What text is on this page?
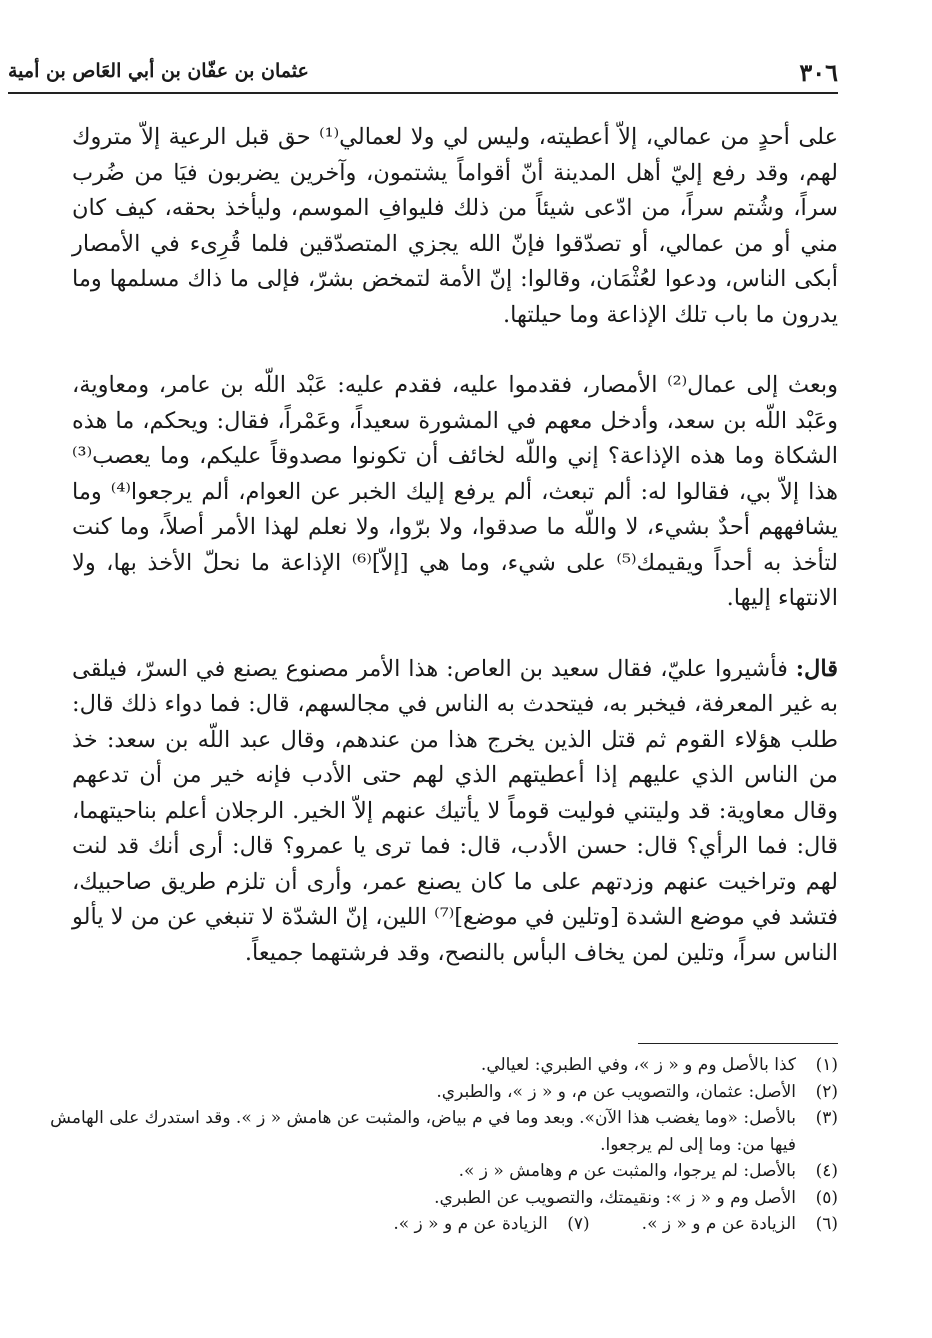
٣٠٦
عثمان بن عفّان بن أبي العَاص بن أمية

على أحدٍ من عمالي، إلاّ أعطيته، وليس لي ولا لعمالي⁽¹⁾ حق قبل الرعية إلاّ متروك لهم، وقد رفع إليّ أهل المدينة أنّ أقواماً يشتمون، وآخرين يضربون فيَا من ضُرب سراً، وشُتم سراً، من ادّعى شيئاً من ذلك فليوافِ الموسم، وليأخذ بحقه، كيف كان مني أو من عمالي، أو تصدّقوا فإنّ الله يجزي المتصدّقين فلما قُرِىء في الأمصار أبكى الناس، ودعوا لعُثْمَان، وقالوا: إنّ الأمة لتمخض بشرّ، فإلى ما ذاك مسلمها وما يدرون ما باب تلك الإذاعة وما حيلتها.

وبعث إلى عمال⁽²⁾ الأمصار، فقدموا عليه، فقدم عليه: عَبْد اللّه بن عامر، ومعاوية، وعَبْد اللّه بن سعد، وأدخل معهم في المشورة سعيداً، وعَمْراً، فقال: ويحكم، ما هذه الشكاة وما هذه الإذاعة؟ إني واللّه لخائف أن تكونوا مصدوقاً عليكم، وما يعصب⁽³⁾ هذا إلاّ بي، فقالوا له: ألم تبعث، ألم يرفع إليك الخبر عن العوام، ألم يرجعوا⁽⁴⁾ وما يشافههم أحدٌ بشيء، لا واللّه ما صدقوا، ولا برّوا، ولا نعلم لهذا الأمر أصلاً، وما كنت لتأخذ به أحداً ويقيمك⁽⁵⁾ على شيء، وما هي [إلاّ]⁽⁶⁾ الإذاعة ما نحلّ الأخذ بها، ولا الانتهاء إليها.

قال: فأشيروا عليّ، فقال سعيد بن العاص: هذا الأمر مصنوع يصنع في السرّ، فيلقى به غير المعرفة، فيخبر به، فيتحدث به الناس في مجالسهم، قال: فما دواء ذلك قال: طلب هؤلاء القوم ثم قتل الذين يخرج هذا من عندهم، وقال عبد اللّه بن سعد: خذ من الناس الذي عليهم إذا أعطيتهم الذي لهم حتى الأدب فإنه خير من أن تدعهم وقال معاوية: قد وليتني فوليت قوماً لا يأتيك عنهم إلاّ الخير. الرجلان أعلم بناحيتهما، قال: فما الرأي؟ قال: حسن الأدب، قال: فما ترى يا عمرو؟ قال: أرى أنك قد لنت لهم وتراخيت عنهم وزدتهم على ما كان يصنع عمر، وأرى أن تلزم طريق صاحبيك، فتشد في موضع الشدة [وتلين في موضع]⁽⁷⁾ اللين، إنّ الشدّة لا تنبغي عن من لا يألو الناس سراً، وتلين لمن يخاف البأس بالنصح، وقد فرشتهما جميعاً.

(١)
كذا بالأصل وم و « ز »، وفي الطبري: لعيالي.
(٢)
الأصل: عثمان، والتصويب عن م، و « ز »، والطبري.
(٣)
بالأصل: «وما يغضب هذا الآن». وبعد وما في م بياض، والمثبت عن هامش « ز ». وقد استدرك على الهامش
فيها من: وما إلى لم يرجعوا.
(٤)
بالأصل: لم يرجوا، والمثبت عن م وهامش « ز ».
(٥)
الأصل وم و « ز »: ونقيمتك، والتصويب عن الطبري.
(٦)
الزيادة عن م و « ز ».
(٧)
الزيادة عن م و « ز ».
